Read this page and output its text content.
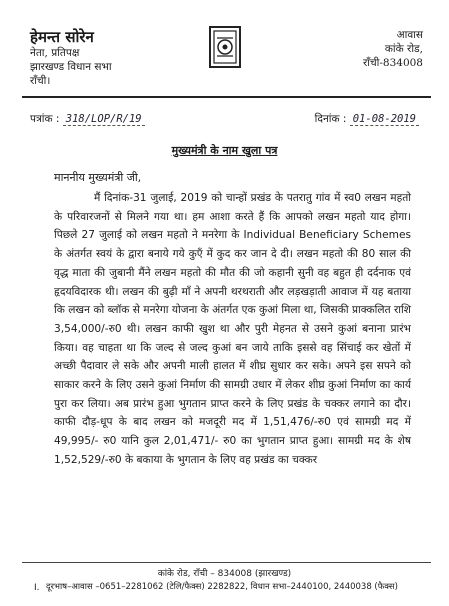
हेमन्त सोरेन
नेता, प्रतिपक्ष
झारखण्ड विधान सभा
राँची।
आवास
कांके रोड,
राँची-834008
पत्रांक : 318/LOP/R/19	दिनांक : 01-08-2019
मुख्यमंत्री के नाम खुला पत्र
माननीय मुख्यमंत्री जी,
मैं दिनांक-31 जुलाई, 2019 को चान्हों प्रखंड के पतरातु गांव में स्व0 लखन महतो के परिवारजनों से मिलने गया था। हम आशा करते हैं कि आपको लखन महतो याद होगा। पिछले 27 जुलाई को लखन महतो ने मनरेगा के Individual Beneficiary Schemes के अंतर्गत स्वयं के द्वारा बनाये गये कुएँ में कुद कर जान दे दी। लखन महतो की 80 साल की वृद्ध माता की जुबानी मैंने लखन महतो की मौत की जो कहानी सुनी वह बहुत ही दर्दनाक एवं हृदयविदारक थी। लखन की बुढ़ी माँ ने अपनी थरथराती और लड़खड़ाती आवाज में यह बताया कि लखन को ब्लॉक से मनरेगा योजना के अंतर्गत एक कुआं मिला था, जिसकी प्राक्कलित राशि 3,54,000/-रु0 थी। लखन काफी खुश था और पुरी मेहनत से उसने कुआं बनाना प्रारंभ किया। वह चाहता था कि जल्द से जल्द कुआं बन जाये ताकि इससे वह सिंचाई कर खेतों में अच्छी पैदावार ले सके और अपनी माली हालत में शीघ्र सुधार कर सके। अपने इस सपने को साकार करने के लिए उसने कुआं निर्माण की सामग्री उधार में लेकर शीघ्र कुआं निर्माण का कार्य पुरा कर लिया। अब प्रारंभ हुआ भुगतान प्राप्त करने के लिए प्रखंड के चक्कर लगाने का दौर। काफी दौड़-धूप के बाद लखन को मजदूरी मद में 1,51,476/-रु0 एवं सामग्री मद में 49,995/- रु0 यानि कुल 2,01,471/- रु0 का भुगतान प्राप्त हुआ। सामग्री मद के शेष 1,52,529/-रु0 के बकाया के भुगतान के लिए वह प्रखंड का चक्कर
कांके रोड, राँची – 834008 (झारखण्ड)
I. दूरभाष–आवास –0651–2281062 (टेलि/फैक्स) 2282822, विधान सभा–2440100, 2440038 (फैक्स)
